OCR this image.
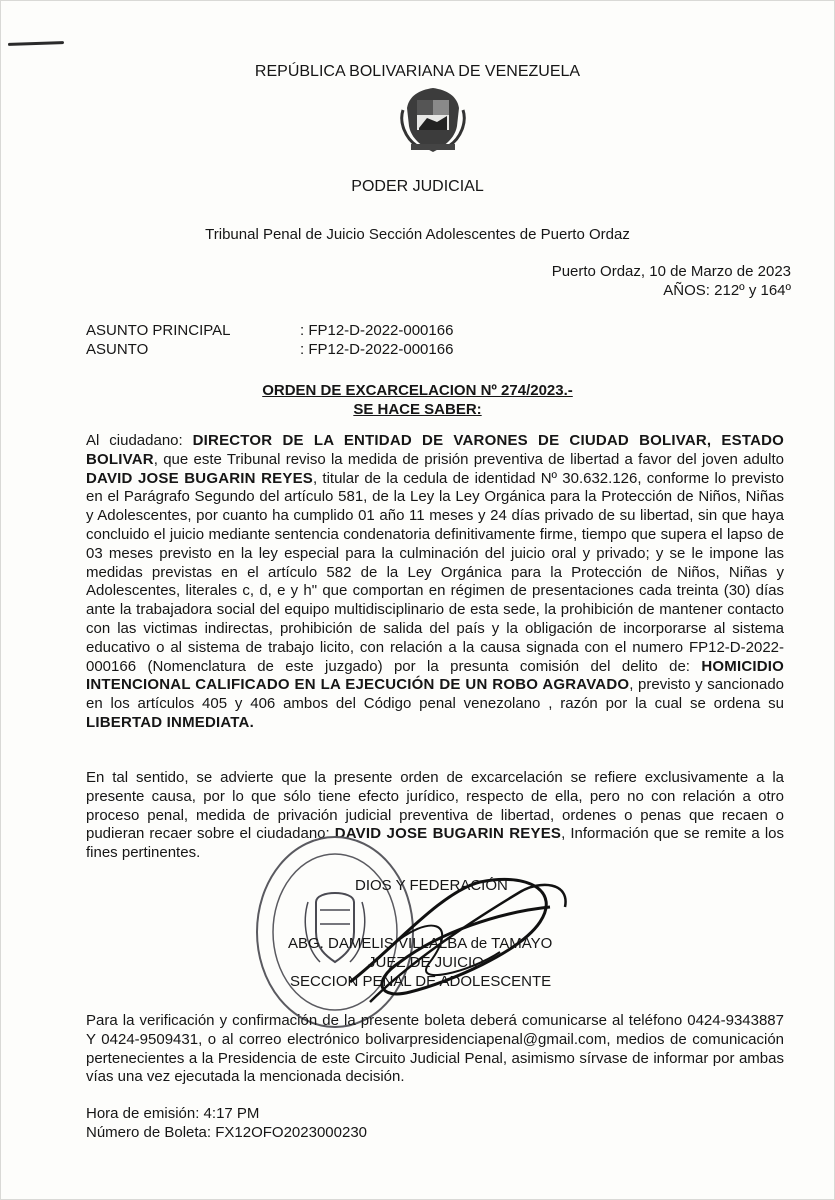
REPÚBLICA BOLIVARIANA DE VENEZUELA
PODER JUDICIAL
Tribunal Penal de Juicio Sección Adolescentes de Puerto Ordaz
Puerto Ordaz, 10 de Marzo de 2023
AÑOS: 212º y 164º
ASUNTO PRINCIPAL	: FP12-D-2022-000166
ASUNTO	: FP12-D-2022-000166
ORDEN DE EXCARCELACION Nº 274/2023.-
SE HACE SABER:
Al ciudadano: DIRECTOR DE LA ENTIDAD DE VARONES DE CIUDAD BOLIVAR, ESTADO BOLIVAR, que este Tribunal reviso la medida de prisión preventiva de libertad a favor del joven adulto DAVID JOSE BUGARIN REYES, titular de la cedula de identidad Nº 30.632.126, conforme lo previsto en el Parágrafo Segundo del artículo 581, de la Ley la Ley Orgánica para la Protección de Niños, Niñas y Adolescentes, por cuanto ha cumplido 01 año 11 meses y 24 días privado de su libertad, sin que haya concluido el juicio mediante sentencia condenatoria definitivamente firme, tiempo que supera el lapso de 03 meses previsto en la ley especial para la culminación del juicio oral y privado; y se le impone las medidas previstas en el artículo 582 de la Ley Orgánica para la Protección de Niños, Niñas y Adolescentes, literales c, d, e y h" que comportan en régimen de presentaciones cada treinta (30) días ante la trabajadora social del equipo multidisciplinario de esta sede, la prohibición de mantener contacto con las victimas indirectas, prohibición de salida del país y la obligación de incorporarse al sistema educativo o al sistema de trabajo licito, con relación a la causa signada con el numero FP12-D-2022-000166 (Nomenclatura de este juzgado) por la presunta comisión del delito de: HOMICIDIO INTENCIONAL CALIFICADO EN LA EJECUCIÓN DE UN ROBO AGRAVADO, previsto y sancionado en los artículos 405 y 406 ambos del Código penal venezolano , razón por la cual se ordena su LIBERTAD INMEDIATA.
En tal sentido, se advierte que la presente orden de excarcelación se refiere exclusivamente a la presente causa, por lo que sólo tiene efecto jurídico, respecto de ella, pero no con relación a otro proceso penal, medida de privación judicial preventiva de libertad, ordenes o penas que recaen o pudieran recaer sobre el ciudadano: DAVID JOSE BUGARIN REYES, Información que se remite a los fines pertinentes.
DIOS Y FEDERACIÓN
ABG. DAMELIS VILLALBA de TAMAYO
JUEZ DE JUICIO
SECCION PENAL DE ADOLESCENTE
Para la verificación y confirmación de la presente boleta deberá comunicarse al teléfono 0424-9343887 Y 0424-9509431, o al correo electrónico bolivarpresidenciapenal@gmail.com, medios de comunicación pertenecientes a la Presidencia de este Circuito Judicial Penal, asimismo sírvase de informar por ambas vías una vez ejecutada la mencionada decisión.
Hora de emisión: 4:17 PM
Número de Boleta: FX12OFO2023000230
